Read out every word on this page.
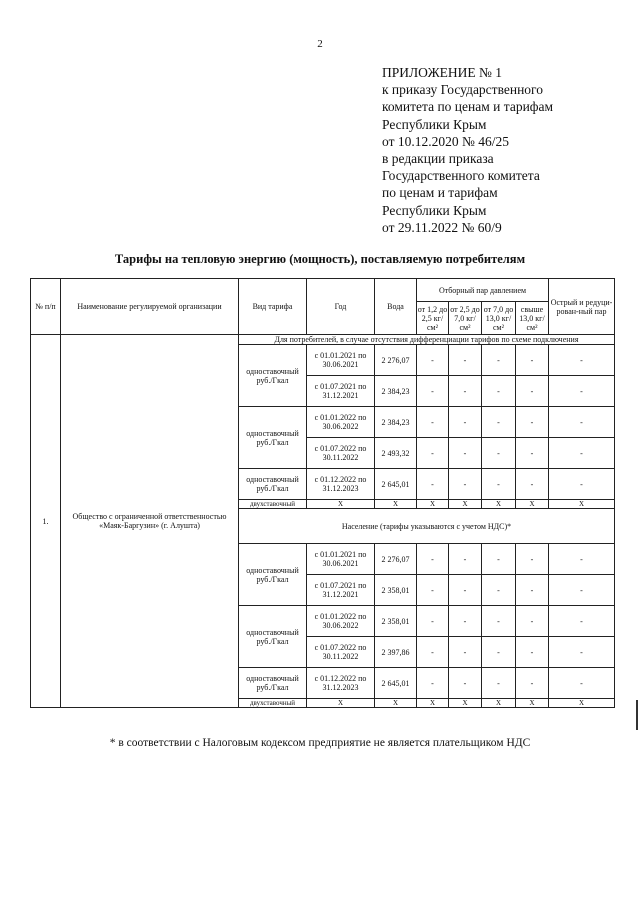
2
ПРИЛОЖЕНИЕ № 1
к приказу Государственного
комитета по ценам и тарифам
Республики Крым
от 10.12.2020 № 46/25
в редакции приказа
Государственного комитета
по ценам и тарифам
Республики Крым
от 29.11.2022 № 60/9
Тарифы на тепловую энергию (мощность), поставляемую потребителям
№ п/п	Наименование регулируемой организации	Вид тарифа	Год	Вода	Отборный пар давлением				Острый и редуци-рован-ный пар
					от 1,2 до 2,5 кг/см²	от 2,5 до 7,0 кг/см²	от 7,0 до 13,0 кг/см²	свыше 13,0 кг/см²	
1.	Общество с ограниченной ответственностью «Маяк-Баргузин» (г. Алушта)	Для потребителей, в случае отсутствия дифференциации тарифов по схеме подключения							
		одноставочный руб./Гкал	с 01.01.2021 по 30.06.2021	2 276,07	-	-	-	-	-
			с 01.07.2021 по 31.12.2021	2 384,23	-	-	-	-	-
		одноставочный руб./Гкал	с 01.01.2022 по 30.06.2022	2 384,23	-	-	-	-	-
			с 01.07.2022 по 30.11.2022	2 493,32	-	-	-	-	-
		одноставочный руб./Гкал	с 01.12.2022 по 31.12.2023	2 645,01	-	-	-	-	-
		двухставочный	X	X	X	X	X	X	X
		Население (тарифы указываются с учетом НДС)*							
		одноставочный руб./Гкал	с 01.01.2021 по 30.06.2021	2 276,07	-	-	-	-	-
			с 01.07.2021 по 31.12.2021	2 358,01	-	-	-	-	-
		одноставочный руб./Гкал	с 01.01.2022 по 30.06.2022	2 358,01	-	-	-	-	-
			с 01.07.2022 по 30.11.2022	2 397,86	-	-	-	-	-
		одноставочный руб./Гкал	с 01.12.2022 по 31.12.2023	2 645,01	-	-	-	-	-
		двухставочный	X	X	X	X	X	X	X
* в соответствии с Налоговым кодексом предприятие не является плательщиком НДС
